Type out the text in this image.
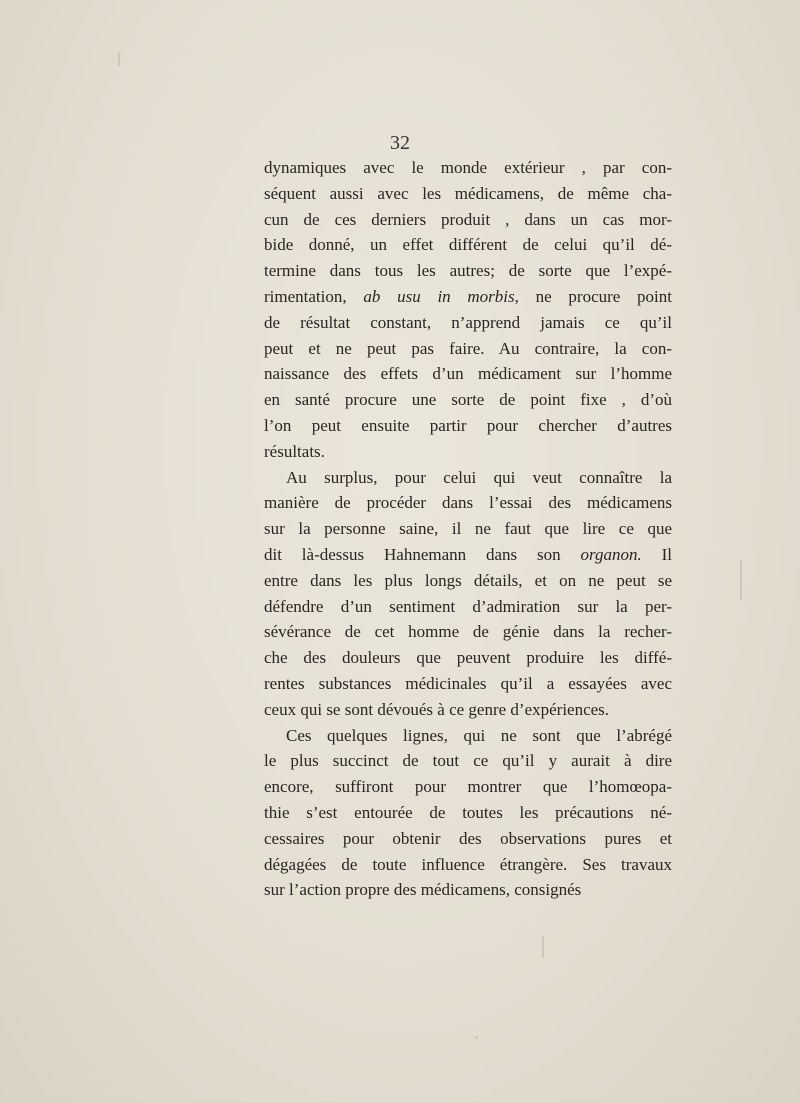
32
dynamiques avec le monde extérieur , par con-
séquent aussi avec les médicamens, de même cha-
cun de ces derniers produit , dans un cas mor-
bide donné, un effet différent de celui qu’il dé-
termine dans tous les autres; de sorte que l’expé-
rimentation, ab usu in morbis, ne procure point
de résultat constant, n’apprend jamais ce qu’il
peut et ne peut pas faire. Au contraire, la con-
naissance des effets d’un médicament sur l’homme
en santé procure une sorte de point fixe , d’où
l’on peut ensuite partir pour chercher d’autres
résultats.
Au surplus, pour celui qui veut connaître la
manière de procéder dans l’essai des médicamens
sur la personne saine, il ne faut que lire ce que
dit là-dessus Hahnemann dans son organon. Il
entre dans les plus longs détails, et on ne peut se
défendre d’un sentiment d’admiration sur la per-
sévérance de cet homme de génie dans la recher-
che des douleurs que peuvent produire les diffé-
rentes substances médicinales qu’il a essayées avec
ceux qui se sont dévoués à ce genre d’expériences.
Ces quelques lignes, qui ne sont que l’abrégé
le plus succinct de tout ce qu’il y aurait à dire
encore, suffiront pour montrer que l’homœopa-
thie s’est entourée de toutes les précautions né-
cessaires pour obtenir des observations pures et
dégagées de toute influence étrangère. Ses travaux
sur l’action propre des médicamens, consignés
